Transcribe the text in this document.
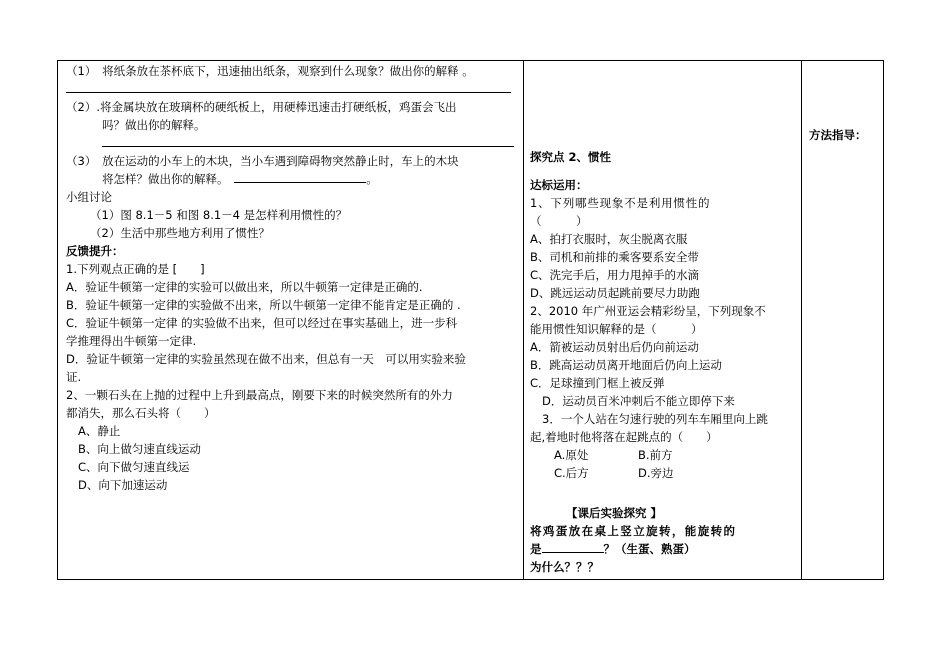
（1）　 将纸条放在茶杯底下，迅速抽出纸条，观察到什么现象？做出你的解释 。
（2）.将金属块放在玻璃杯的硬纸板上，用硬棒迅速击打硬纸板，鸡蛋会飞出
吗？做出你的解释。
（3）　 放在运动的小车上的木块，当小车遇到障碍物突然静止时，车上的木块
将怎样？做出你的解释。　	。
小组讨论
（1）图 8.1－5 和图 8.1－4 是怎样利用惯性的？
（2）生活中那些地方利用了惯性？
反馈提升：
1.下列观点正确的是 [　　]
A．验证牛顿第一定律的实验可以做出来，所以牛顿第一定律是正确的.
B．验证牛顿第一定律的实验做不出来，所以牛顿第一定律不能肯定是正确的 .
C．验证牛顿第一定律 的实验做不出来，但可以经过在事实基础上，进一步科
学推理得出牛顿第一定律.
D．验证牛顿第一定律的实验虽然现在做不出来，但总有一天　可以用实验来验
证.
2、一颗石头在上抛的过程中上升到最高点，刚要下来的时候突然所有的外力
都消失，那么石头将（　　）
A、静止
B、向上做匀速直线运动
C、向下做匀速直线运
D、向下加速运动
探究点 2、惯性
达标运用：
1、下列哪些现象不是利用惯性的
（　　　）
A、拍打衣服时，灰尘脱离衣服
B、司机和前排的乘客要系安全带
C、洗完手后，用力甩掉手的水滴
D、跳远运动员起跳前要尽力助跑
2、2010 年广州亚运会精彩纷呈，下列现象不
能用惯性知识解释的是（　　　）
A．箭被运动员射出后仍向前运动
B．跳高运动员离开地面后仍向上运动
C．足球撞到门框上被反弹
D．运动员百米冲刺后不能立即停下来
3．一个人站在匀速行驶的列车车厢里向上跳
起,着地时他将落在起跳点的（　　）
A.原处	B.前方
C.后方	D.旁边
【课后实验探究 】
将鸡蛋放在桌上竖立旋转，能旋转的
是	？（生蛋、熟蛋）
为什么？？？
方法指导：
